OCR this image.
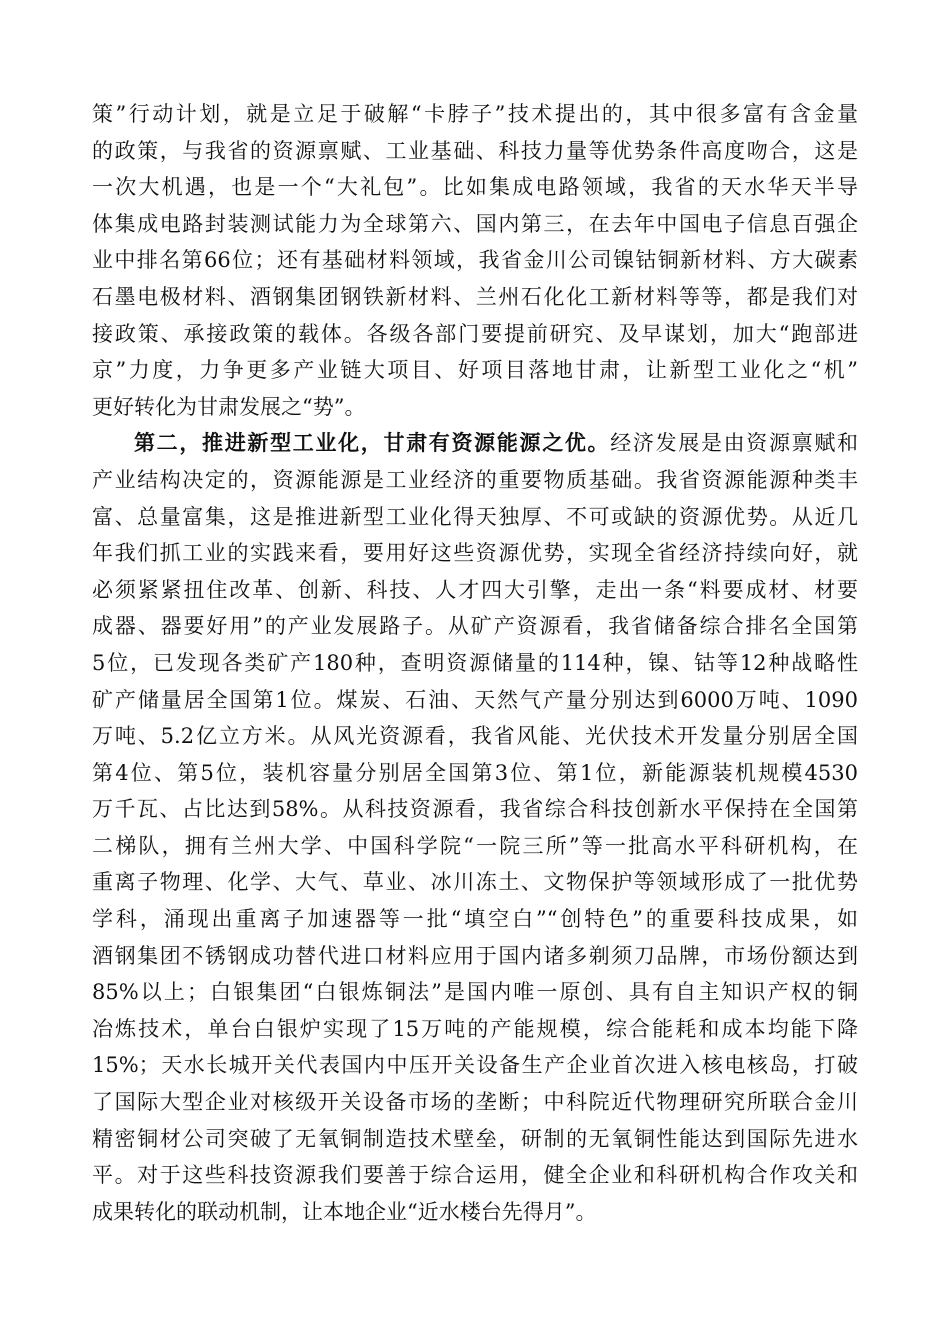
策”行动计划，就是立足于破解“卡脖子”技术提出的，其中很多富有含金量
的政策，与我省的资源禀赋、工业基础、科技力量等优势条件高度吻合，这是
一次大机遇，也是一个“大礼包”。比如集成电路领域，我省的天水华天半导
体集成电路封装测试能力为全球第六、国内第三，在去年中国电子信息百强企
业中排名第66位；还有基础材料领域，我省金川公司镍钴铜新材料、方大碳素
石墨电极材料、酒钢集团钢铁新材料、兰州石化化工新材料等等，都是我们对
接政策、承接政策的载体。各级各部门要提前研究、及早谋划，加大“跑部进
京”力度，力争更多产业链大项目、好项目落地甘肃，让新型工业化之“机”
更好转化为甘肃发展之“势”。
第二，推进新型工业化，甘肃有资源能源之优。经济发展是由资源禀赋和
产业结构决定的，资源能源是工业经济的重要物质基础。我省资源能源种类丰
富、总量富集，这是推进新型工业化得天独厚、不可或缺的资源优势。从近几
年我们抓工业的实践来看，要用好这些资源优势，实现全省经济持续向好，就
必须紧紧扭住改革、创新、科技、人才四大引擎，走出一条“料要成材、材要
成器、器要好用”的产业发展路子。从矿产资源看，我省储备综合排名全国第
5位，已发现各类矿产180种，查明资源储量的114种，镍、钴等12种战略性
矿产储量居全国第1位。煤炭、石油、天然气产量分别达到6000万吨、1090
万吨、5.2亿立方米。从风光资源看，我省风能、光伏技术开发量分别居全国
第4位、第5位，装机容量分别居全国第3位、第1位，新能源装机规模4530
万千瓦、占比达到58%。从科技资源看，我省综合科技创新水平保持在全国第
二梯队，拥有兰州大学、中国科学院“一院三所”等一批高水平科研机构，在
重离子物理、化学、大气、草业、冰川冻土、文物保护等领域形成了一批优势
学科，涌现出重离子加速器等一批“填空白”“创特色”的重要科技成果，如
酒钢集团不锈钢成功替代进口材料应用于国内诸多剃须刀品牌，市场份额达到
85%以上；白银集团“白银炼铜法”是国内唯一原创、具有自主知识产权的铜
冶炼技术，单台白银炉实现了15万吨的产能规模，综合能耗和成本均能下降
15%；天水长城开关代表国内中压开关设备生产企业首次进入核电核岛，打破
了国际大型企业对核级开关设备市场的垄断；中科院近代物理研究所联合金川
精密铜材公司突破了无氧铜制造技术壁垒，研制的无氧铜性能达到国际先进水
平。对于这些科技资源我们要善于综合运用，健全企业和科研机构合作攻关和
成果转化的联动机制，让本地企业“近水楼台先得月”。
